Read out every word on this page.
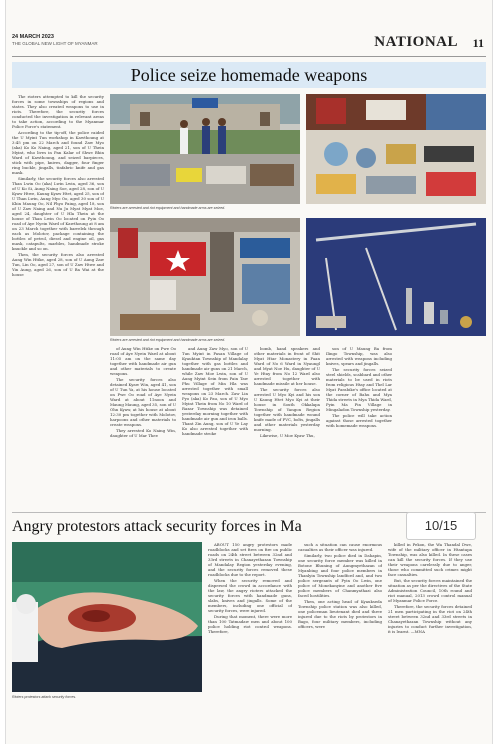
24 MARCH 2023
THE GLOBAL NEW LIGHT OF MYANMAR	NATIONAL 11
Police seize homemade weapons

The rioters attempted to kill the security forces in some townships of regions and states. They also created weapons to use in riots. Therefore, the security forces conducted the investigation in relevant areas to take action, according to the Myanmar Police Force's statement.

According to the tip-off, the police raided the U Myint Tun workshop in Kawthoung at 3:45 pm on 22 March and found Zaw Myo (aka) Ko Ko Naing, aged 21, son of U Thein Myint, who lives in Pan Kalar of Shwe Bhin Ward of Kawthoung, and seized barpieces, stick with pipe, knives, dagger, four finger ring buckle, jingalls, tinfabric knife and gas mask.

Similarly, the security forces also arrested Than Lwin Oo (aka) Lwin Lwin, aged 36, son of U Ko Si, Aung Naing Soe, aged 28, son of U Kyaw Htwe, Kaung Kyaw Htet, aged 25, son of U Than Lwin, Aung Myo Oo, aged 30 son of U Khin Maung Oo, Nil Phyo Paing, aged 18, son of U Zaw Naing and Nu Ju Myat Myat Moe, aged 24, daughter of U Hla Thein at the house of Than Lwin Oo located on Pyin Oo road of Aye Nyein Ward of Kawthoung at 8 am on 23 March together with barrelek through each as Molotov, package containing the bottles of petrol, diesel and engine oil, gas mask, catapults, marbles, handmade stroke knuckle and so on.

Then, the security forces also arrested Aung Win Htike, aged 28, son of U Aung Zaw Tun, Lin Oo, aged 27, son of U Zaw Htwe and Yin Aung, aged 26, son of U Ba Wai at the house

Rioters are arrested and riot equipment and handmade arms are seized.
Rioters are arrested and riot equipment and handmade arms are seized.

of Aung Win Htike on Pwe Oo road of Aye Nyein Ward at about 11:05 am on the same day together with handmade air gun and other materials to create weapons.

The security forces also detained Kyaw Win, aged 41, son of U Tun Ya, at his house located on Pwe Oo road of Aye Nyein Ward at about 11noon and Maung Maung, aged 35, son of U Ohn Kyaw, at his house at about 12:30 pm together with Molotov, harpoons and other materials to create weapons.

They arrested Ko Naing Win, daughter of U Mar Thee

and Aung Zaw Myo, son of U Tun Myint in Pasan Village of Kyauktan Township of Mandalay together with gas bottles and handmade air guns on 21 March, while Zaw Moe Lwin, son of U Aung Myint Sein from Pain Taw Phu Village of Min Hla was arrested together with small weapons on 23 March. Zaw Lin Pyo (aka) Ko Pau, son of U Myo Myint Thein from No 10 Ward of Razar Township was detained yesterday morning together with handmade air gun and iron balls. Thant Zin Aung, son of U Ye Lay Ko also arrested together with handmade stroke

bomb, hand speakers and other materials in front of Shit Myat Htar Monastery in Paan Ward of No 6 Ward in Nyaungl and Myat Noe Hu, daughter of U Ye Htay from No 12 Ward also arrested together with handmade missile at her house.

The security forces also arrested U Myo Kyi and his son U Kaung Htet Myo Kyi at their house in South Okkalapa Township of Yangon Region together with handmade wound knife made of PVC, bolts, jingalls and other materials yesterday morning.

Likewise, U Moe Kyaw Thu,

son of U Maung Ba from Ilingo Township, was also arrested with weapons including knives, spears and jingalls.

The security forces seized steel shields, scabbard and other materials to be used in riots from religious Htay and Thel Lar Myat Parabike's office located at the corner of Bahu and Mya Thida streets in Mya Thida Ward, Pyin Ma Pin Village in Mingaladon Township yesterday.

The police will take action against those arrested together with homemade weapons.

Angry protestors attack security forces in Ma
Rioters protestors attack security forces.

ABOUT 150 angry protestors made roadblocks and set fires on fire on public roads on 24th street between 32nd and 33rd streets in Chanayethazan Township of Mandalay Region yesterday evening, and the security forces removed these roadblocks due to the report.

When the security removed and dispersed the crowd in accordance with the law, the angry rioters attacked the security forces with handmade guns, slabs, knives and jingalls. Some of the members, including one official of security forces, were injured.

During that moment, there were more than 100 Tatmadaw men and about 100 police holding riot control weapons. Therefore,

such a situation can cause enormous casualties as their officer was injured.

Similarly, two police died in Dahapin, one security force member was killed in Botone Bhuning of Aungmyethazan of Myanbing and four police members in Thanlyin Township landford and, and two police sergeants of Pyin Oo Lwin, one police of Monekanyine and another five police members of Chanmyathazi also faced hostilities.

Then, one acting head of Kyaukseda Township police station was also killed, one policeman lieutenant died and three injured due to the riots by protestors in Bago, four military members, including officers, were

killed in Pekon, the Wa Thandal Dwe, wife of the military officer in Htantapa Township, was also killed. In these cases can kill the security forces. If they use their weapons carelessly due to anger, those who committed such crimes might face casualties.

But, the security forces maintained the situation as per the directives of the State Administration Council, 10th round and riot manual, 2013 crowd control manual of Myanmar Police Force.

Therefore, the security forces detained 21 men participating in the riot on 24th street between 32nd and 33rd streets in Chanayethazan Township without any injuries to conduct further investigation, it is learnt. —MNA

10/15
